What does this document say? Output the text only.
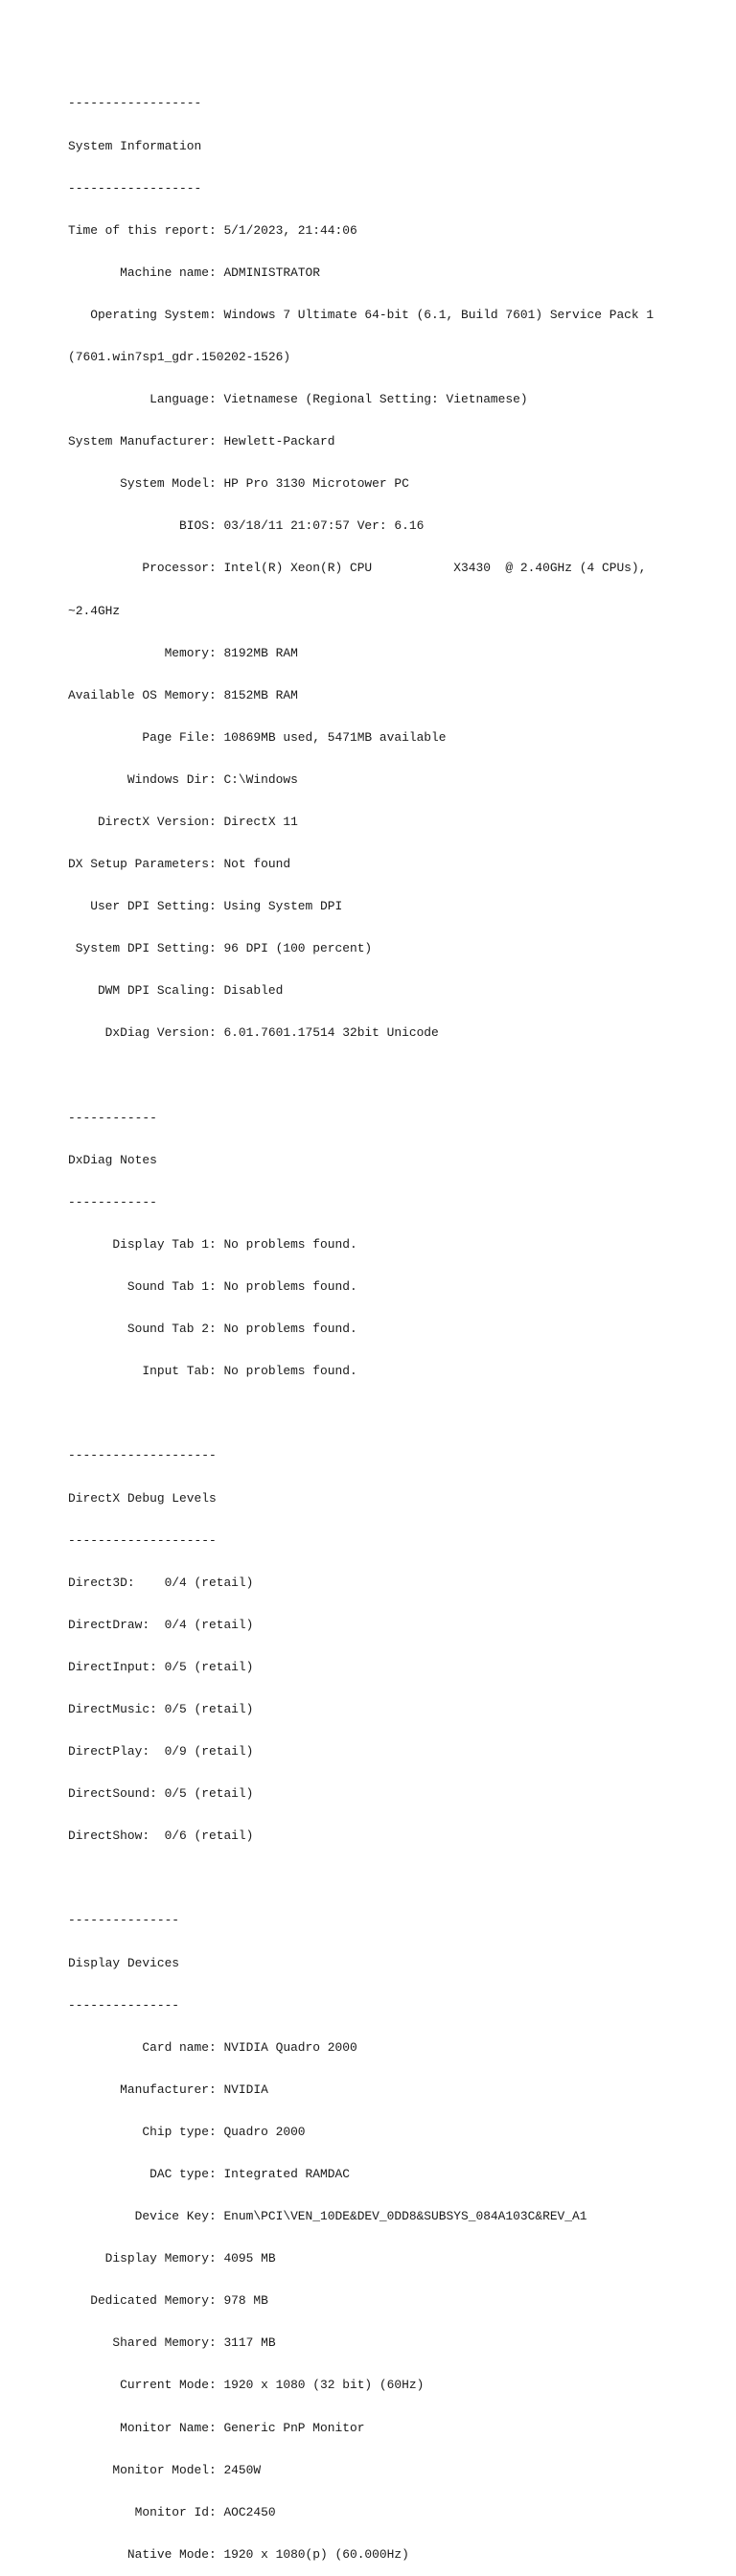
------------------

System Information

------------------

Time of this report: 5/1/2023, 21:44:06

Machine name: ADMINISTRATOR

Operating System: Windows 7 Ultimate 64-bit (6.1, Build 7601) Service Pack 1

(7601.win7sp1_gdr.150202-1526)

Language: Vietnamese (Regional Setting: Vietnamese)

System Manufacturer: Hewlett-Packard

System Model: HP Pro 3130 Microtower PC

BIOS: 03/18/11 21:07:57 Ver: 6.16

Processor: Intel(R) Xeon(R) CPU           X3430  @ 2.40GHz (4 CPUs),

~2.4GHz

Memory: 8192MB RAM

Available OS Memory: 8152MB RAM

Page File: 10869MB used, 5471MB available

Windows Dir: C:\Windows

DirectX Version: DirectX 11

DX Setup Parameters: Not found

User DPI Setting: Using System DPI

System DPI Setting: 96 DPI (100 percent)

DWM DPI Scaling: Disabled

DxDiag Version: 6.01.7601.17514 32bit Unicode

------------

DxDiag Notes

------------

Display Tab 1: No problems found.

Sound Tab 1: No problems found.

Sound Tab 2: No problems found.

Input Tab: No problems found.

--------------------

DirectX Debug Levels

--------------------

Direct3D:    0/4 (retail)

DirectDraw:  0/4 (retail)

DirectInput: 0/5 (retail)

DirectMusic: 0/5 (retail)

DirectPlay:  0/9 (retail)

DirectSound: 0/5 (retail)

DirectShow:  0/6 (retail)

---------------

Display Devices

---------------

Card name: NVIDIA Quadro 2000

Manufacturer: NVIDIA

Chip type: Quadro 2000

DAC type: Integrated RAMDAC

Device Key: Enum\PCI\VEN_10DE&DEV_0DD8&SUBSYS_084A103C&REV_A1

Display Memory: 4095 MB

Dedicated Memory: 978 MB

Shared Memory: 3117 MB

Current Mode: 1920 x 1080 (32 bit) (60Hz)

Monitor Name: Generic PnP Monitor

Monitor Model: 2450W

Monitor Id: AOC2450

Native Mode: 1920 x 1080(p) (60.000Hz)
